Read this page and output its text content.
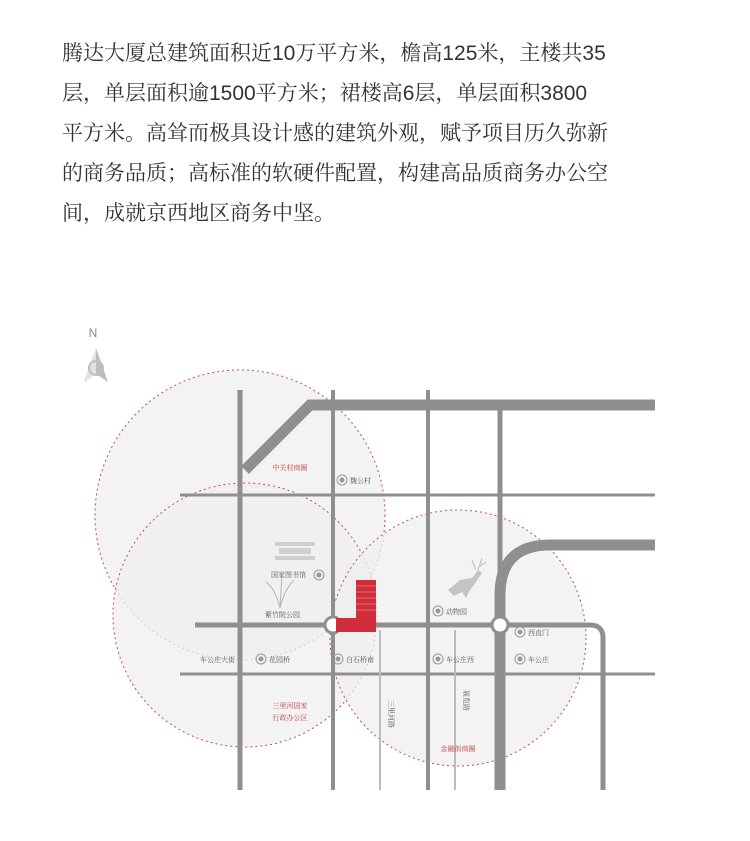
腾达大厦总建筑面积近10万平方米，檐高125米，主楼共35
层，单层面积逾1500平方米；裙楼高6层，单层面积3800
平方米。高耸而极具设计感的建筑外观，赋予项目历久弥新
的商务品质；高标准的软硬件配置，构建高品质商务办公空
间，成就京西地区商务中坚。
N
中关村商圈
魏公村
国家图书馆
紫竹院公园	动物园
西直门
车公庄大街	花园桥	白石桥南	车公庄西	车公庄
三里河国家
行政办公区
金融街商圈
三里河路	展览路
